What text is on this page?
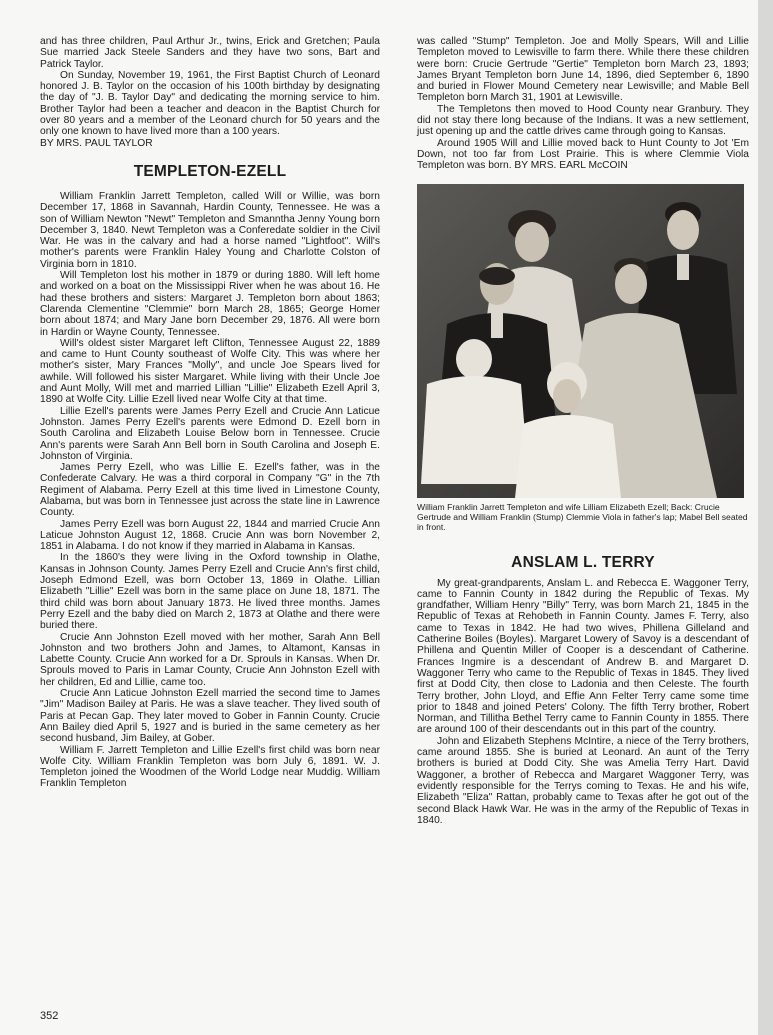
and has three children, Paul Arthur Jr., twins, Erick and Gretchen; Paula Sue married Jack Steele Sanders and they have two sons, Bart and Patrick Taylor.

On Sunday, November 19, 1961, the First Baptist Church of Leonard honored J. B. Taylor on the occasion of his 100th birthday by designating the day of "J. B. Taylor Day" and dedicating the morning service to him. Brother Taylor had been a teacher and deacon in the Baptist Church for over 80 years and a member of the Leonard church for 50 years and the only one known to have lived more than a 100 years.

BY MRS. PAUL TAYLOR

TEMPLETON-EZELL

William Franklin Jarrett Templeton, called Will or Willie, was born December 17, 1868 in Savannah, Hardin County, Tennessee. He was a son of William Newton "Newt" Templeton and Smanntha Jenny Young born December 3, 1840. Newt Templeton was a Conferedate soldier in the Civil War. He was in the calvary and had a horse named "Lightfoot". Will's mother's parents were Franklin Haley Young and Charlotte Colston of Virginia born in 1810.

Will Templeton lost his mother in 1879 or during 1880. Will left home and worked on a boat on the Mississippi River when he was about 16. He had these brothers and sisters: Margaret J. Templeton born about 1863; Clarenda Clementine "Clemmie" born March 28, 1865; George Homer born about 1874; and Mary Jane born December 29, 1876. All were born in Hardin or Wayne County, Tennessee.

Will's oldest sister Margaret left Clifton, Tennessee August 22, 1889 and came to Hunt County southeast of Wolfe City. This was where her mother's sister, Mary Frances "Molly", and uncle Joe Spears lived for awhile. Will followed his sister Margaret. While living with their Uncle Joe and Aunt Molly, Will met and married Lillian "Lillie" Elizabeth Ezell April 3, 1890 at Wolfe City. Lillie Ezell lived near Wolfe City at that time.

Lillie Ezell's parents were James Perry Ezell and Crucie Ann Laticue Johnston. James Perry Ezell's parents were Edmond D. Ezell born in South Carolina and Elizabeth Louise Below born in Tennessee. Crucie Ann's parents were Sarah Ann Bell born in South Carolina and Joseph E. Johnston of Virginia.

James Perry Ezell, who was Lillie E. Ezell's father, was in the Confederate Calvary. He was a third corporal in Company "G" in the 7th Regiment of Alabama. Perry Ezell at this time lived in Limestone County, Alabama, but was born in Tennessee just across the state line in Lawrence County.

James Perry Ezell was born August 22, 1844 and married Crucie Ann Laticue Johnston August 12, 1868. Crucie Ann was born November 2, 1851 in Alabama. I do not know if they married in Alabama in Kansas.

In the 1860's they were living in the Oxford township in Olathe, Kansas in Johnson County. James Perry Ezell and Crucie Ann's first child, Joseph Edmond Ezell, was born October 13, 1869 in Olathe. Lillian Elizabeth "Lillie" Ezell was born in the same place on June 18, 1871. The third child was born about January 1873. He lived three months. James Perry Ezell and the baby died on March 2, 1873 at Olathe and there were buried there.

Crucie Ann Johnston Ezell moved with her mother, Sarah Ann Bell Johnston and two brothers John and James, to Altamont, Kansas in Labette County. Crucie Ann worked for a Dr. Sprouls in Kansas. When Dr. Sprouls moved to Paris in Lamar County, Crucie Ann Johnston Ezell with her children, Ed and Lillie, came too.

Crucie Ann Laticue Johnston Ezell married the second time to James "Jim" Madison Bailey at Paris. He was a slave teacher. They lived south of Paris at Pecan Gap. They later moved to Gober in Fannin County. Crucie Ann Bailey died April 5, 1927 and is buried in the same cemetery as her second husband, Jim Bailey, at Gober.

William F. Jarrett Templeton and Lillie Ezell's first child was born near Wolfe City. William Franklin Templeton was born July 6, 1891. W. J. Templeton joined the Woodmen of the World Lodge near Muddig. William Franklin Templeton

was called "Stump" Templeton. Joe and Molly Spears, Will and Lillie Templeton moved to Lewisville to farm there. While there these children were born: Crucie Gertrude "Gertie" Templeton born March 23, 1893; James Bryant Templeton born June 14, 1896, died September 6, 1890 and buried in Flower Mound Cemetery near Lewisville; and Mable Bell Templeton born March 31, 1901 at Lewisville.

The Templetons then moved to Hood County near Granbury. They did not stay there long because of the Indians. It was a new settlement, just opening up and the cattle drives came through going to Kansas.

Around 1905 Will and Lillie moved back to Hunt County to Jot 'Em Down, not too far from Lost Prairie. This is where Clemmie Viola Templeton was born. BY MRS. EARL McCOIN

William Franklin Jarrett Templeton and wife Lilliam Elizabeth Ezell; Back: Crucie Gertrude and William Franklin (Stump) Clemmie Viola in father's lap; Mabel Bell seated in front.

ANSLAM L. TERRY

My great-grandparents, Anslam L. and Rebecca E. Waggoner Terry, came to Fannin County in 1842 during the Republic of Texas. My grandfather, William Henry "Billy" Terry, was born March 21, 1845 in the Republic of Texas at Rehobeth in Fannin County. James F. Terry, also came to Texas in 1842. He had two wives, Phillena Gilleland and Catherine Boiles (Boyles). Margaret Lowery of Savoy is a descendant of Phillena and Quentin Miller of Cooper is a descendant of Catherine. Frances Ingmire is a descendant of Andrew B. and Margaret D. Waggoner Terry who came to the Republic of Texas in 1845. They lived first at Dodd City, then close to Ladonia and then Celeste. The fourth Terry brother, John Lloyd, and Effie Ann Felter Terry came some time prior to 1848 and joined Peters' Colony. The fifth Terry brother, Robert Norman, and Tillitha Bethel Terry came to Fannin County in 1855. There are around 100 of their descendants out in this part of the country.

John and Elizabeth Stephens McIntire, a niece of the Terry brothers, came around 1855. She is buried at Leonard. An aunt of the Terry brothers is buried at Dodd City. She was Amelia Terry Hart. David Waggoner, a brother of Rebecca and Margaret Waggoner Terry, was evidently responsible for the Terrys coming to Texas. He and his wife, Elizabeth "Eliza" Rattan, probably came to Texas after he got out of the second Black Hawk War. He was in the army of the Republic of Texas in 1840.

352
